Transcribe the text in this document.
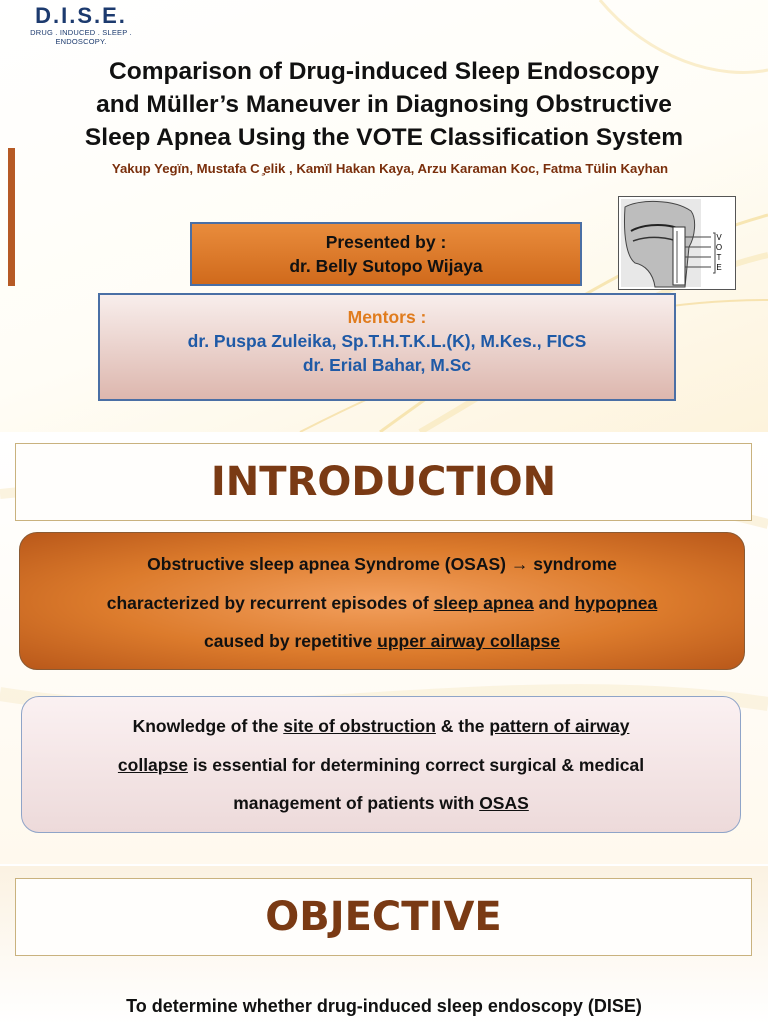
D.I.S.E.
DRUG . INDUCED . SLEEP . ENDOSCOPY.
Comparison of Drug-induced Sleep Endoscopy
and Müller’s Maneuver in Diagnosing Obstructive
Sleep Apnea Using the VOTE Classification System
Yakup Yegïn, Mustafa C ̧elik , Kamïl Hakan Kaya, Arzu Karaman Koc, Fatma Tülin Kayhan
V
O
T
E
Presented by :
dr. Belly Sutopo Wijaya
Mentors :
dr. Puspa Zuleika, Sp.T.H.T.K.L.(K), M.Kes., FICS
dr. Erial Bahar, M.Sc
INTRODUCTION
Obstructive sleep apnea Syndrome (OSAS) → syndrome
characterized by recurrent episodes of sleep apnea and hypopnea
caused by repetitive upper airway collapse
Knowledge of the site of obstruction & the pattern of airway
collapse is essential for determining correct surgical & medical
management of patients with OSAS
OBJECTIVE
To determine whether drug-induced sleep endoscopy (DISE)
